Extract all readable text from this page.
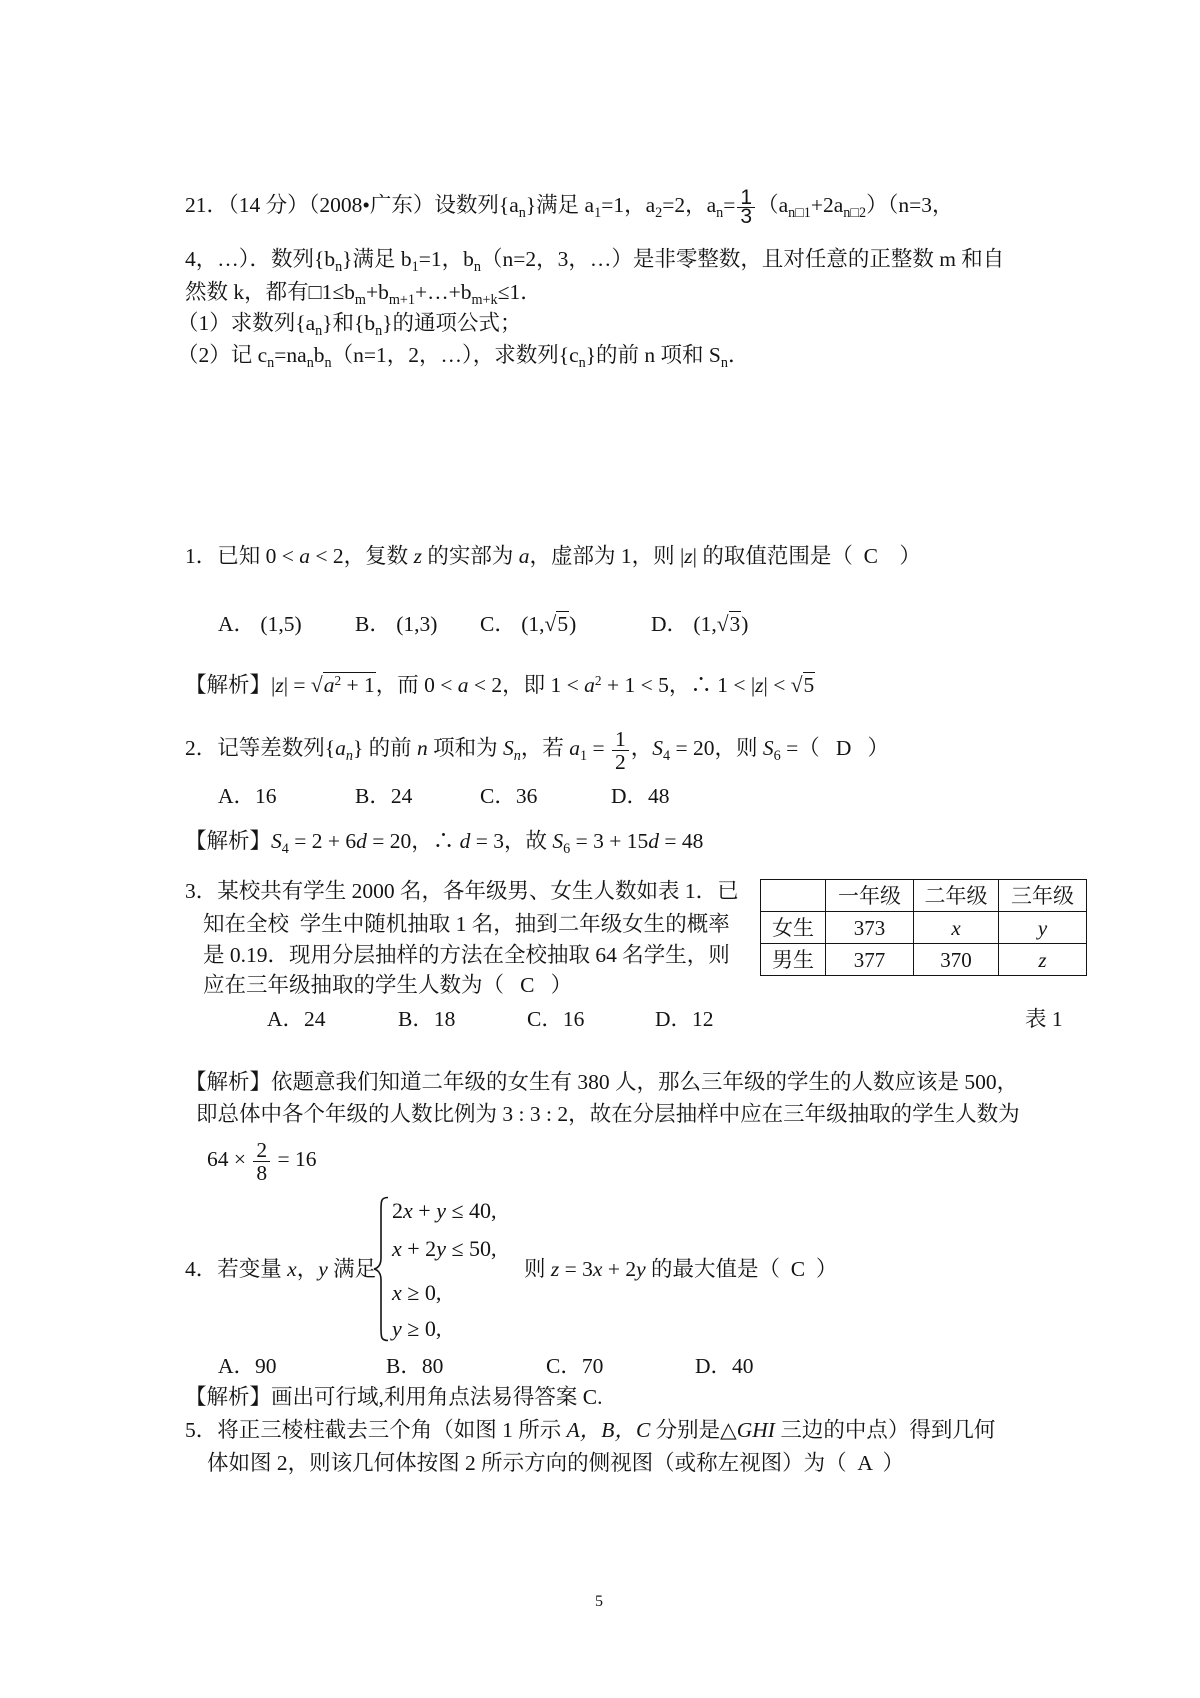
21．（14 分）（2008•广东）设数列$\{a_n\}$满足 $a_1=1$，$a_2=2$，$a_n= \frac{1}{3} (a_{n□1}+2a_{n□2})(n=3$，
4，…）．数列$\{b_n\}$满足 $b_1=1$，$b_n(n=2$，3，…）是非零整数，且对任意的正整数 m 和自
然数 k，都有$□1\le b_m+b_{m+1}+\dots+b_{m+k}\le 1$．
（1）求数列$\{a_n\}$和$\{b_n\}$的通项公式；
（2）记 $c_n=na_nb_n(n=1$，2，…），求数列$\{c_n\}$的前 n 项和 $S_n$．
1．已知 0 < a < 2，复数 z 的实部为 a，虚部为 1，则 |z| 的取值范围是（  C    ）
A． (1,5) B． (1,3) C． (1, √ 5)	D． (1, √ 3)
【解析】|z| = √ $a^2 + 1$，而 0 < a < 2，即 $1 < a^2 + 1 < 5$，∴ 1 < |z| < √ 5
2．记等差数列$\{a_n\}$ 的前 n 项和为 $S_n$，若 $a_1 = \frac{1}{2}$ ，$S_4 = 20$，则 $S_6$ =（   D   ）
A．16	B．24	C．36	D．48
【解析】$S_4 = 2 + 6d = 20$，∴ d = 3，故 $S_6 = 3 + 15d = 48$
3．某校共有学生 2000 名，各年级男、女生人数如表 1．已
知在全校  学生中随机抽取 1 名，抽到二年级女生的概率
是 0.19．现用分层抽样的方法在全校抽取 64 名学生，则
应在三年级抽取的学生人数为（   C   ）
	一年级	二年级	三年级
女生	373	x	y
男生	377	370	z
A．24	B．18	C．16	D．12	表 1
【解析】依题意我们知道二年级的女生有 380 人，那么三年级的学生的人数应该是 500，
即总体中各个年级的人数比例为 3 : 3 : 2，故在分层抽样中应在三年级抽取的学生人数为
$64 \times \frac{2}{8} = 16$
4．若变量 x，y 满足
2x + y ≤ 40,
x + 2y ≤ 50,
x ≥ 0,
y ≥ 0,
则 z = 3x + 2y 的最大值是（  C  ）
A．90	B．80	C．70	D．40
【解析】画出可行域,利用角点法易得答案 C.
5．将正三棱柱截去三个角（如图 1 所示 A，B，C 分别是△GHI 三边的中点）得到几何
体如图 2，则该几何体按图 2 所示方向的侧视图（或称左视图）为（  A  ）
5
